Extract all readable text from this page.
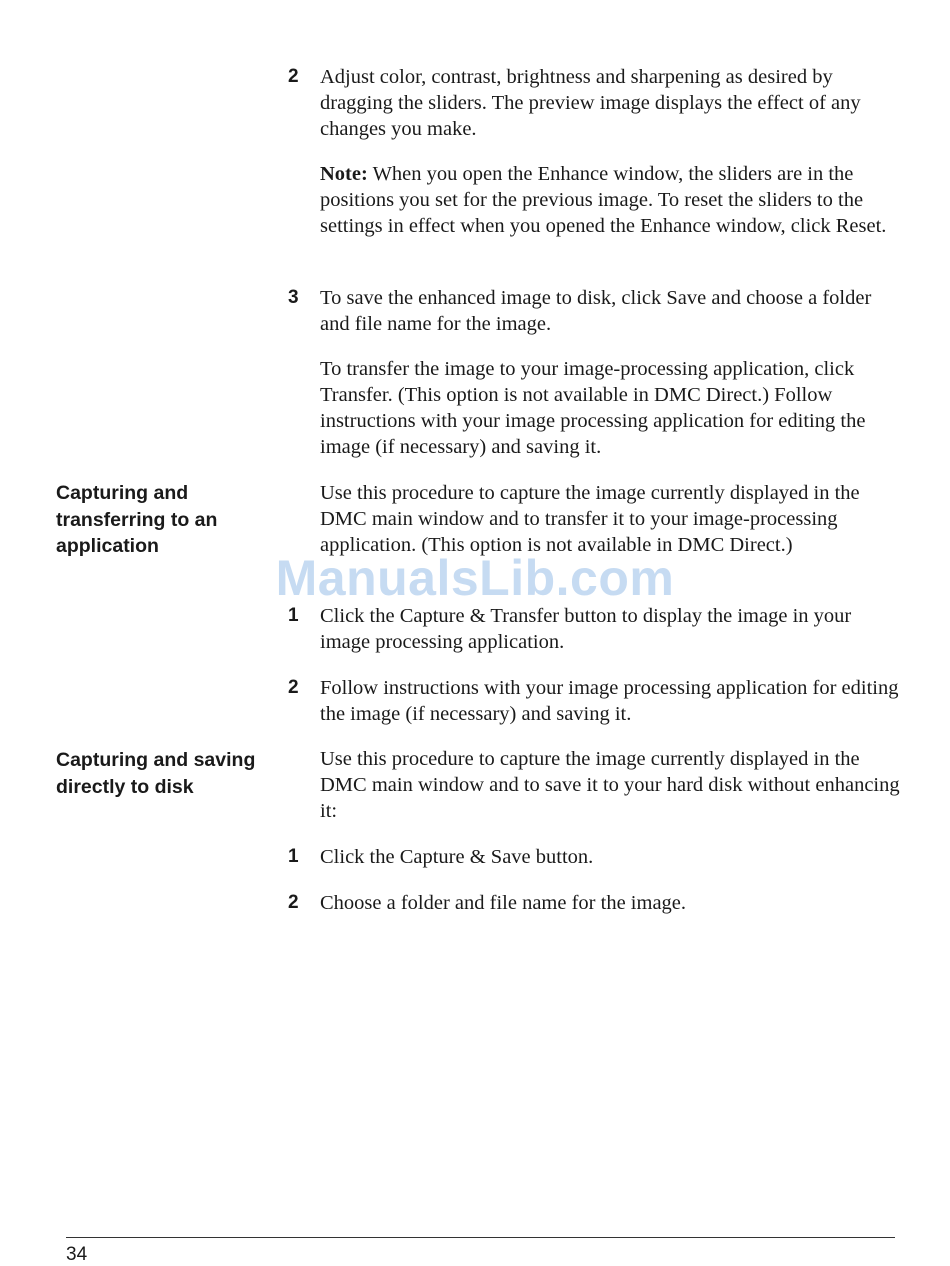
2 Adjust color, contrast, brightness and sharpening as desired by dragging the sliders. The preview image displays the effect of any changes you make.
Note: When you open the Enhance window, the sliders are in the positions you set for the previous image. To reset the sliders to the settings in effect when you opened the Enhance window, click Reset.
3 To save the enhanced image to disk, click Save and choose a folder and file name for the image.
To transfer the image to your image-processing application, click Transfer. (This option is not available in DMC Direct.) Follow instructions with your image processing application for editing the image (if necessary) and saving it.
Capturing and transferring to an application
Use this procedure to capture the image currently displayed in the DMC main window and to transfer it to your image-processing application. (This option is not available in DMC Direct.)
1 Click the Capture & Transfer button to display the image in your image processing application.
2 Follow instructions with your image processing application for editing the image (if necessary) and saving it.
Capturing and saving directly to disk
Use this procedure to capture the image currently displayed in the DMC main window and to save it to your hard disk without enhancing it:
1 Click the Capture & Save button.
2 Choose a folder and file name for the image.
ManualsLib.com
34
